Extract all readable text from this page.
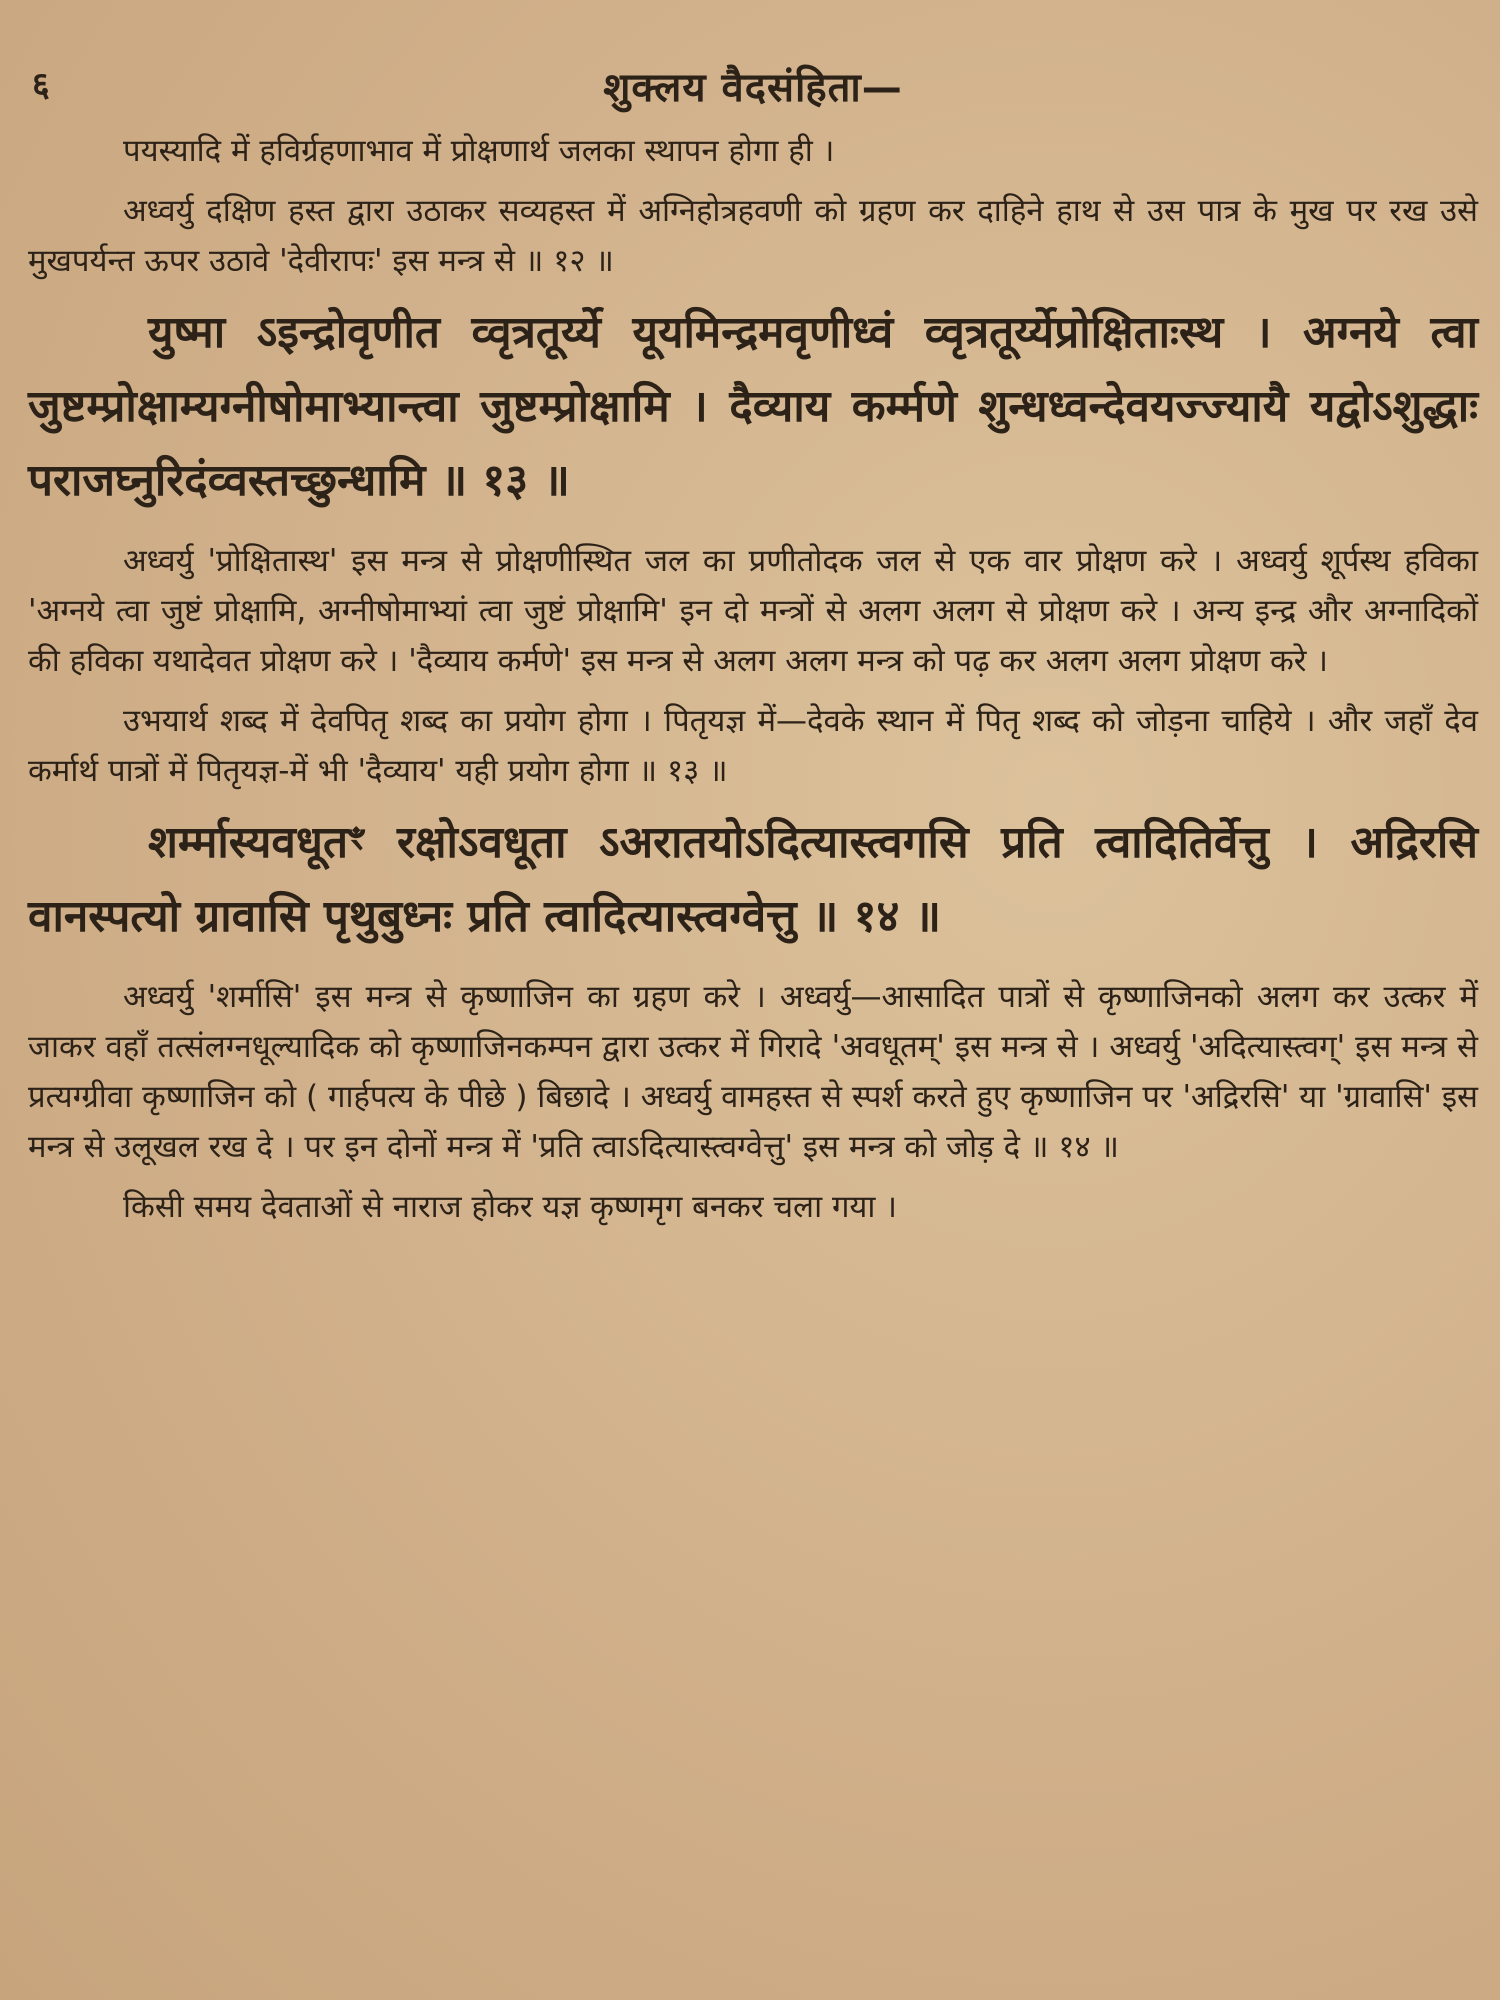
६	शुक्लय वैदसंहिता—

पयस्यादि में हविर्ग्रहणाभाव में प्रोक्षणार्थ जलका स्थापन होगा ही ।

अध्वर्यु दक्षिण हस्त द्वारा उठाकर सव्यहस्त में अग्निहोत्रहवणी को ग्रहण कर दाहिने हाथ से उस पात्र के मुख पर रख उसे मुखपर्यन्त ऊपर उठावे 'देवीरापः' इस मन्त्र से ॥ १२ ॥

युष्मा ऽइन्द्रोवृणीत व्वृत्रतूर्य्ये यूयमिन्द्रमवृणीध्वं व्वृत्रतूर्य्येप्रोक्षिताःस्थ । अग्नये त्वा जुष्टम्प्रोक्षाम्यग्नीषोमाभ्यान्त्वा जुष्टम्प्रोक्षामि । दैव्याय कर्म्मणे शुन्धध्वन्देवयज्ज्यायै यद्वोऽशुद्धाः पराजघ्नुरिदंव्वस्तच्छुन्धामि ॥ १३ ॥

अध्वर्यु 'प्रोक्षितास्थ' इस मन्त्र से प्रोक्षणीस्थित जल का प्रणीतोदक जल से एक वार प्रोक्षण करे । अध्वर्यु शूर्पस्थ हविका 'अग्नये त्वा जुष्टं प्रोक्षामि, अग्नीषोमाभ्यां त्वा जुष्टं प्रोक्षामि' इन दो मन्त्रों से अलग अलग से प्रोक्षण करे । अन्य इन्द्र और अग्नादिकों की हविका यथादेवत प्रोक्षण करे । 'दैव्याय कर्मणे' इस मन्त्र से अलग अलग मन्त्र को पढ़ कर अलग अलग प्रोक्षण करे ।

उभयार्थ शब्द में देवपितृ शब्द का प्रयोग होगा । पितृयज्ञ में—देवके स्थान में पितृ शब्द को जोड़ना चाहिये । और जहाँ देव कर्मार्थ पात्रों में पितृयज्ञ-में भी 'दैव्याय' यही प्रयोग होगा ॥ १३ ॥

शर्म्मास्यवधूतꣳ रक्षोऽवधूता ऽअरातयोऽदित्यास्त्वगसि प्रति त्वादितिर्वेत्तु । अद्रिरसि वानस्पत्यो ग्रावासि पृथुबुध्नः प्रति त्वादित्यास्त्वग्वेत्तु ॥ १४ ॥

अध्वर्यु 'शर्मासि' इस मन्त्र से कृष्णाजिन का ग्रहण करे । अध्वर्यु—आसादित पात्रों से कृष्णाजिनको अलग कर उत्कर में जाकर वहाँ तत्संलग्नधूल्यादिक को कृष्णाजिनकम्पन द्वारा उत्कर में गिरादे 'अवधूतम्' इस मन्त्र से । अध्वर्यु 'अदित्यास्त्वग्' इस मन्त्र से प्रत्यग्ग्रीवा कृष्णाजिन को ( गार्हपत्य के पीछे ) बिछादे । अध्वर्यु वामहस्त से स्पर्श करते हुए कृष्णाजिन पर 'अद्रिरसि' या 'ग्रावासि' इस मन्त्र से उलूखल रख दे । पर इन दोनों मन्त्र में 'प्रति त्वाऽदित्यास्त्वग्वेत्तु' इस मन्त्र को जोड़ दे ॥ १४ ॥

किसी समय देवताओं से नाराज होकर यज्ञ कृष्णमृग बनकर चला गया ।
